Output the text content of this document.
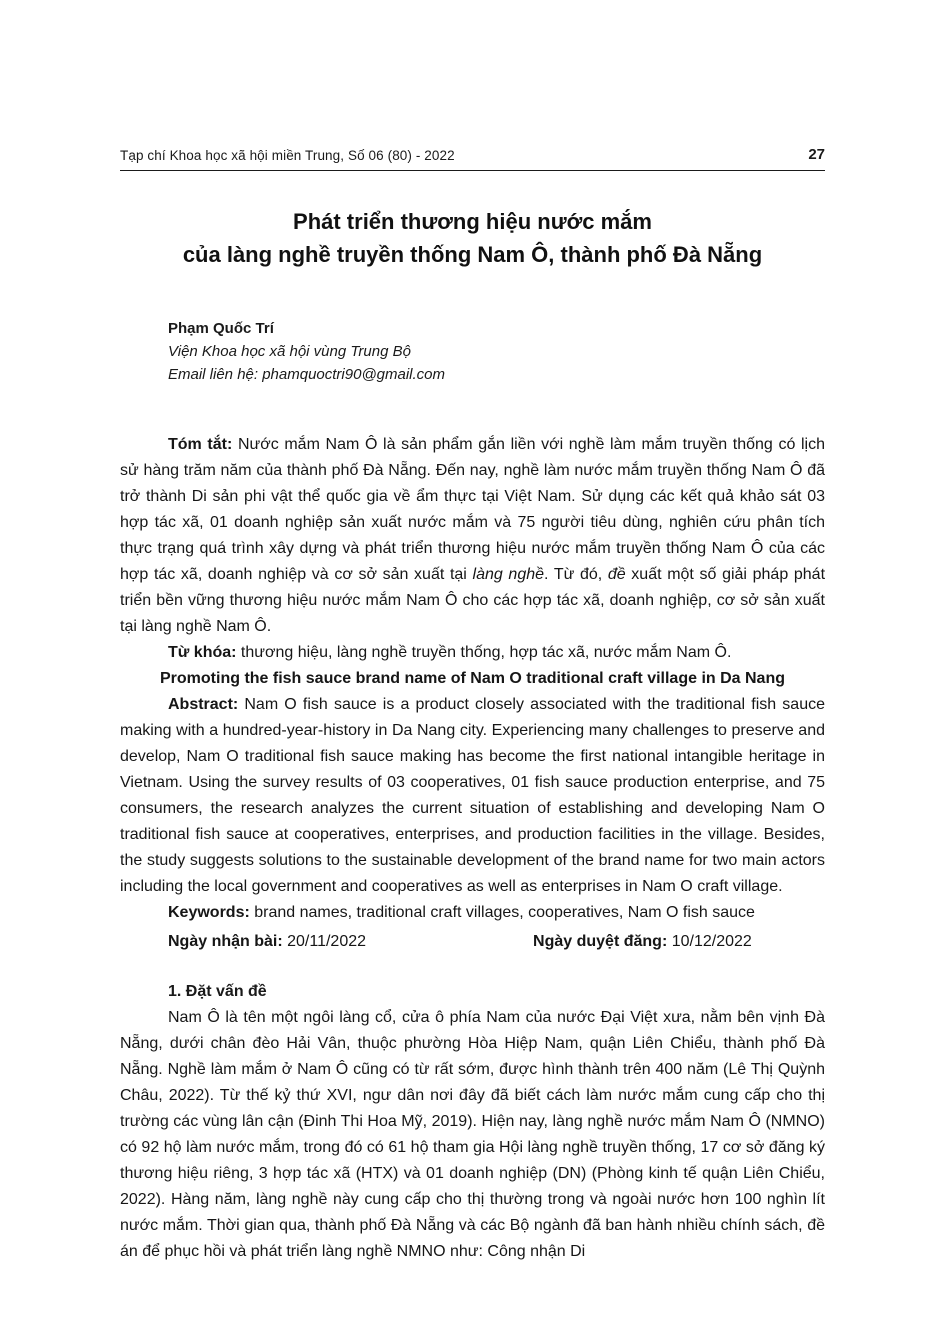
Tạp chí Khoa học xã hội miền Trung, Số 06 (80) - 2022	27
Phát triển thương hiệu nước mắm
của làng nghề truyền thống Nam Ô, thành phố Đà Nẵng
Phạm Quốc Trí
Viện Khoa học xã hội vùng Trung Bộ
Email liên hệ: phamquoctri90@gmail.com

Tóm tắt: Nước mắm Nam Ô là sản phẩm gắn liền với nghề làm mắm truyền thống có lịch sử hàng trăm năm của thành phố Đà Nẵng. Đến nay, nghề làm nước mắm truyền thống Nam Ô đã trở thành Di sản phi vật thể quốc gia về ẩm thực tại Việt Nam. Sử dụng các kết quả khảo sát 03 hợp tác xã, 01 doanh nghiệp sản xuất nước mắm và 75 người tiêu dùng, nghiên cứu phân tích thực trạng quá trình xây dựng và phát triển thương hiệu nước mắm truyền thống Nam Ô của các hợp tác xã, doanh nghiệp và cơ sở sản xuất tại làng nghề. Từ đó, đề xuất một số giải pháp phát triển bền vững thương hiệu nước mắm Nam Ô cho các hợp tác xã, doanh nghiệp, cơ sở sản xuất tại làng nghề Nam Ô.

Từ khóa: thương hiệu, làng nghề truyền thống, hợp tác xã, nước mắm Nam Ô.

Promoting the fish sauce brand name of Nam O traditional craft village in Da Nang

Abstract: Nam O fish sauce is a product closely associated with the traditional fish sauce making with a hundred-year-history in Da Nang city. Experiencing many challenges to preserve and develop, Nam O traditional fish sauce making has become the first national intangible heritage in Vietnam. Using the survey results of 03 cooperatives, 01 fish sauce production enterprise, and 75 consumers, the research analyzes the current situation of establishing and developing Nam O traditional fish sauce at cooperatives, enterprises, and production facilities in the village. Besides, the study suggests solutions to the sustainable development of the brand name for two main actors including the local government and cooperatives as well as enterprises in Nam O craft village.

Keywords: brand names, traditional craft villages, cooperatives, Nam O fish sauce

Ngày nhận bài: 20/11/2022	Ngày duyệt đăng: 10/12/2022

1. Đặt vấn đề

Nam Ô là tên một ngôi làng cổ, cửa ô phía Nam của nước Đại Việt xưa, nằm bên vịnh Đà Nẵng, dưới chân đèo Hải Vân, thuộc phường Hòa Hiệp Nam, quận Liên Chiểu, thành phố Đà Nẵng. Nghề làm mắm ở Nam Ô cũng có từ rất sớm, được hình thành trên 400 năm (Lê Thị Quỳnh Châu, 2022). Từ thế kỷ thứ XVI, ngư dân nơi đây đã biết cách làm nước mắm cung cấp cho thị trường các vùng lân cận (Đinh Thi Hoa Mỹ, 2019). Hiện nay, làng nghề nước mắm Nam Ô (NMNO) có 92 hộ làm nước mắm, trong đó có 61 hộ tham gia Hội làng nghề truyền thống, 17 cơ sở đăng ký thương hiệu riêng, 3 hợp tác xã (HTX) và 01 doanh nghiệp (DN) (Phòng kinh tế quận Liên Chiểu, 2022). Hàng năm, làng nghề này cung cấp cho thị thường trong và ngoài nước hơn 100 nghìn lít nước mắm. Thời gian qua, thành phố Đà Nẵng và các Bộ ngành đã ban hành nhiều chính sách, đề án để phục hồi và phát triển làng nghề NMNO như: Công nhận Di
